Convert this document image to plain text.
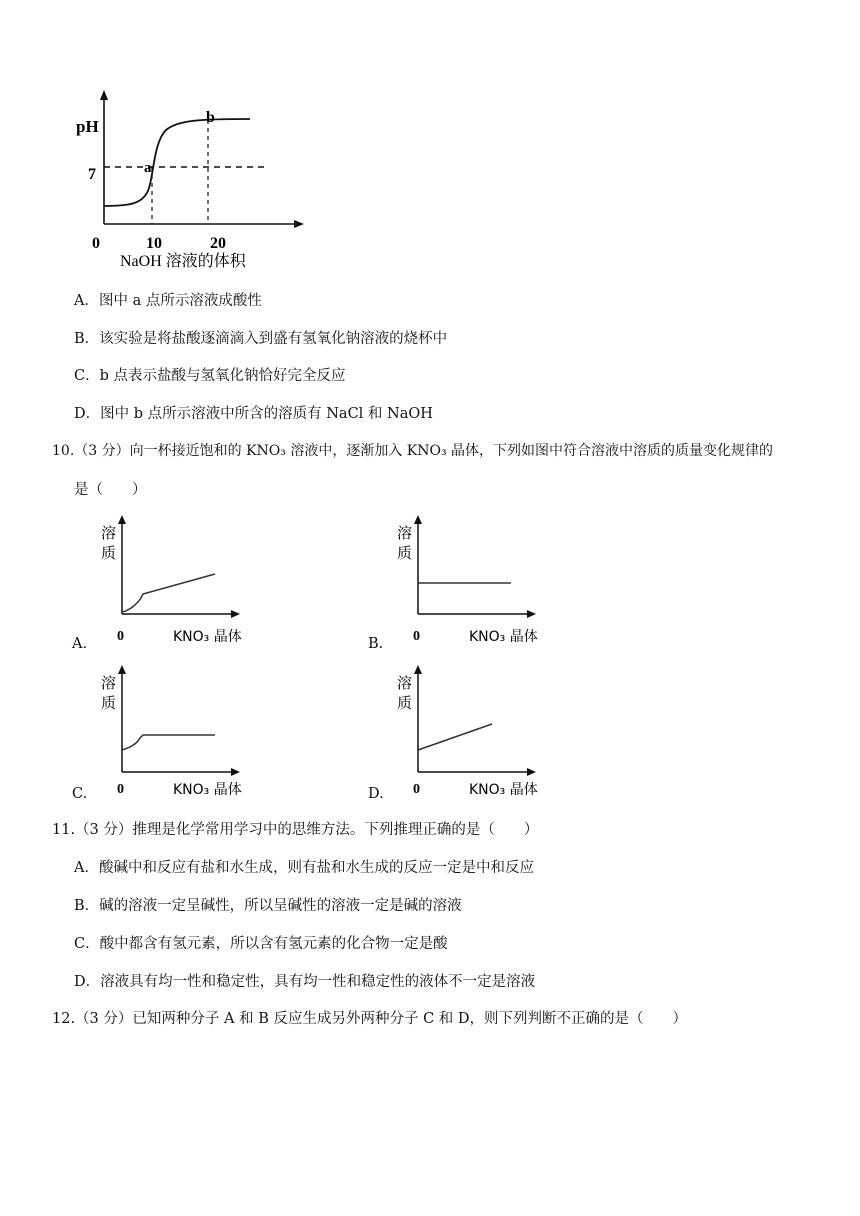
pH
7
0	10	20
a
b
NaOH 溶液的体积
A．图中 a 点所示溶液成酸性
B．该实验是将盐酸逐滴滴入到盛有氢氧化钠溶液的烧杯中
C．b 点表示盐酸与氢氧化钠恰好完全反应
D．图中 b 点所示溶液中所含的溶质有 NaCl 和 NaOH
10.（3 分）向一杯接近饱和的 KNO₃ 溶液中，逐渐加入 KNO₃ 晶体，下列如图中符合溶液中溶质的质量变化规律的
是（　　）
A.
溶
质
0	KNO₃ 晶体	B.
溶
质
0	KNO₃ 晶体
C.
溶
质
0	KNO₃ 晶体	D.
溶
质
0	KNO₃ 晶体
11.（3 分）推理是化学常用学习中的思维方法。下列推理正确的是（　　）
A．酸碱中和反应有盐和水生成，则有盐和水生成的反应一定是中和反应
B．碱的溶液一定呈碱性，所以呈碱性的溶液一定是碱的溶液
C．酸中都含有氢元素，所以含有氢元素的化合物一定是酸
D．溶液具有均一性和稳定性，具有均一性和稳定性的液体不一定是溶液
12.（3 分）已知两种分子 A 和 B 反应生成另外两种分子 C 和 D，则下列判断不正确的是（　　）
